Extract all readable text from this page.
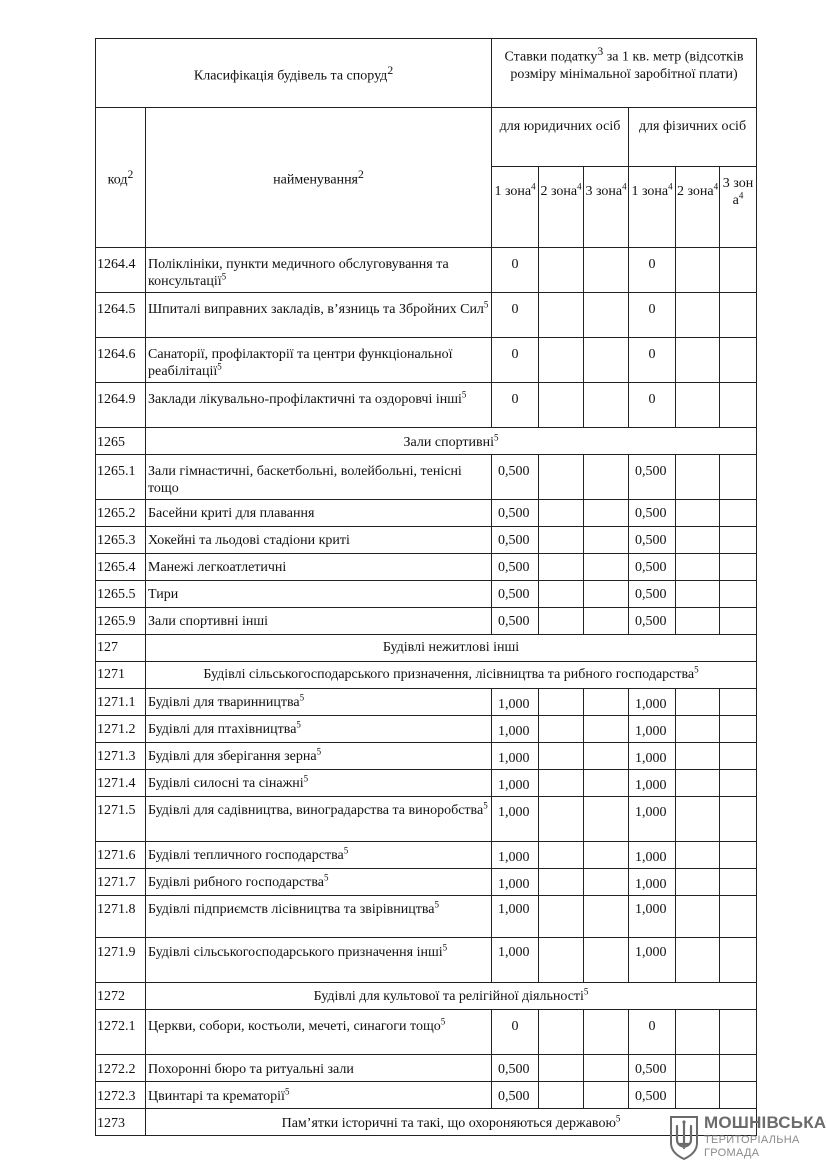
Класифікація будівель та споруд$^2$		Ставки податку$^3$ за 1 кв. метр (відсотків розміру мінімальної заробітної плати)					
код$^2$	найменування$^2$	для юридичних осіб			для фізичних осіб		
		1 зона$^4$	2 зона$^4$	3 зона$^4$	1 зона$^4$	2 зона$^4$	3 зон $а^4$
1264.4	Поліклініки, пункти медичного обслуговування та консультації$^5$	0			0		
1264.5	Шпиталі виправних закладів, в’язниць та Збройних Сил$^5$	0			0		
1264.6	Санаторії, профілакторії та центри функціональної реабілітації$^5$	0			0		
1264.9	Заклади лікувально-профілактичні та оздоровчі інші$^5$	0			0		
1265	Зали спортивні$^5$
1265.1	Зали гімнастичні, баскетбольні, волейбольні, тенісні тощо	0,500			0,500		
1265.2	Басейни криті для плавання	0,500			0,500		
1265.3	Хокейні та льодові стадіони криті	0,500			0,500		
1265.4	Манежі легкоатлетичні	0,500			0,500		
1265.5	Тири	0,500			0,500		
1265.9	Зали спортивні інші	0,500			0,500		
127	Будівлі нежитлові інші						
1271	Будівлі сільськогосподарського призначення, лісівництва та рибного господарства$^5$
1271.1	Будівлі для тваринництва$^5$	1,000			1,000		
1271.2	Будівлі для птахівництва$^5$	1,000			1,000		
1271.3	Будівлі для зберігання зерна$^5$	1,000			1,000		
1271.4	Будівлі силосні та сінажні$^5$	1,000			1,000		
1271.5	Будівлі для садівництва, виноградарства та виноробства$^5$	1,000			1,000		
1271.6	Будівлі тепличного господарства$^5$	1,000			1,000		
1271.7	Будівлі рибного господарства$^5$	1,000			1,000		
1271.8	Будівлі підприємств лісівництва та звірівництва$^5$	1,000			1,000		
1271.9	Будівлі сільськогосподарського призначення інші$^5$	1,000			1,000		
1272	Будівлі для культової та релігійної діяльності$^5$
1272.1	Церкви, собори, костьоли, мечеті, синагоги тощо$^5$	0			0		
1272.2	Похоронні бюро та ритуальні зали	0,500			0,500		
1272.3	Цвинтарі та крематорії$^5$	0,500			0,500		
1273	Пам’ятки історичні та такі, що охороняються державою$^5$	МОШНІВСЬКА
ТЕРИТОРІАЛЬНА
ГРОМАДА
